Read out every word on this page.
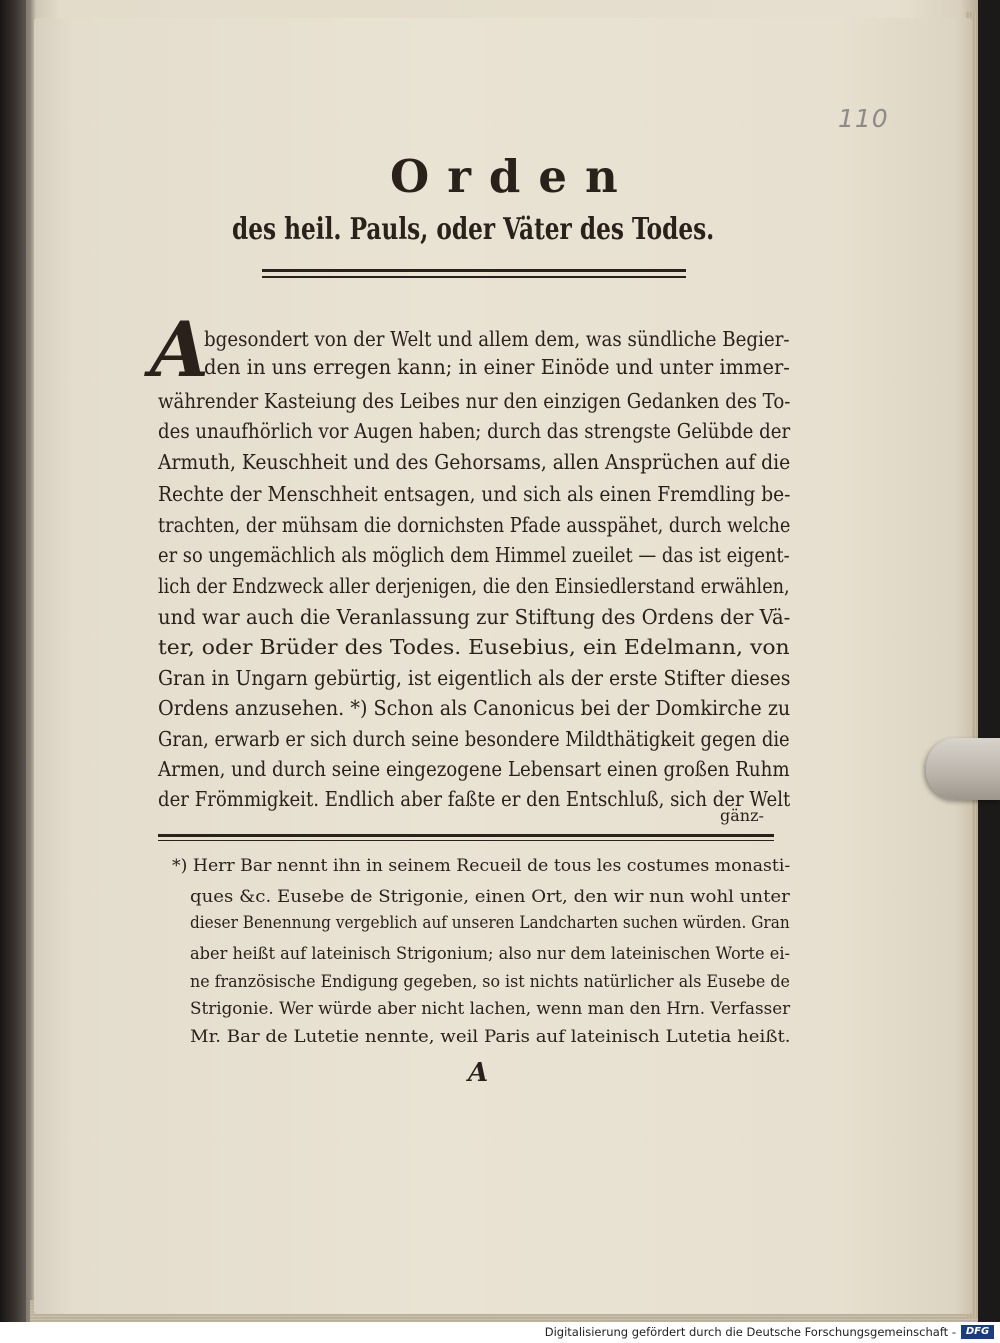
110
Orden
des heil. Pauls, oder Väter des Todes.
A
bgesondert von der Welt und allem dem, was sündliche Begier-
den in uns erregen kann; in einer Einöde und unter immer-
währender Kasteiung des Leibes nur den einzigen Gedanken des To-
des unaufhörlich vor Augen haben; durch das strengste Gelübde der
Armuth, Keuschheit und des Gehorsams, allen Ansprüchen auf die
Rechte der Menschheit entsagen, und sich als einen Fremdling be-
trachten, der mühsam die dornichsten Pfade ausspähet, durch welche
er so ungemächlich als möglich dem Himmel zueilet — das ist eigent-
lich der Endzweck aller derjenigen, die den Einsiedlerstand erwählen,
und war auch die Veranlassung zur Stiftung des Ordens der Vä-
ter, oder Brüder des Todes. Eusebius, ein Edelmann, von
Gran in Ungarn gebürtig, ist eigentlich als der erste Stifter dieses
Ordens anzusehen. *) Schon als Canonicus bei der Domkirche zu
Gran, erwarb er sich durch seine besondere Mildthätigkeit gegen die
Armen, und durch seine eingezogene Lebensart einen großen Ruhm
der Frömmigkeit. Endlich aber faßte er den Entschluß, sich der Welt
gänz-
*) Herr Bar nennt ihn in seinem Recueil de tous les costumes monasti-
ques &c. Eusebe de Strigonie, einen Ort, den wir nun wohl unter
dieser Benennung vergeblich auf unseren Landcharten suchen würden. Gran
aber heißt auf lateinisch Strigonium; also nur dem lateinischen Worte ei-
ne französische Endigung gegeben, so ist nichts natürlicher als Eusebe de
Strigonie. Wer würde aber nicht lachen, wenn man den Hrn. Verfasser
Mr. Bar de Lutetie nennte, weil Paris auf lateinisch Lutetia heißt.
A
Digitalisierung gefördert durch die Deutsche Forschungsgemeinschaft - DFG
